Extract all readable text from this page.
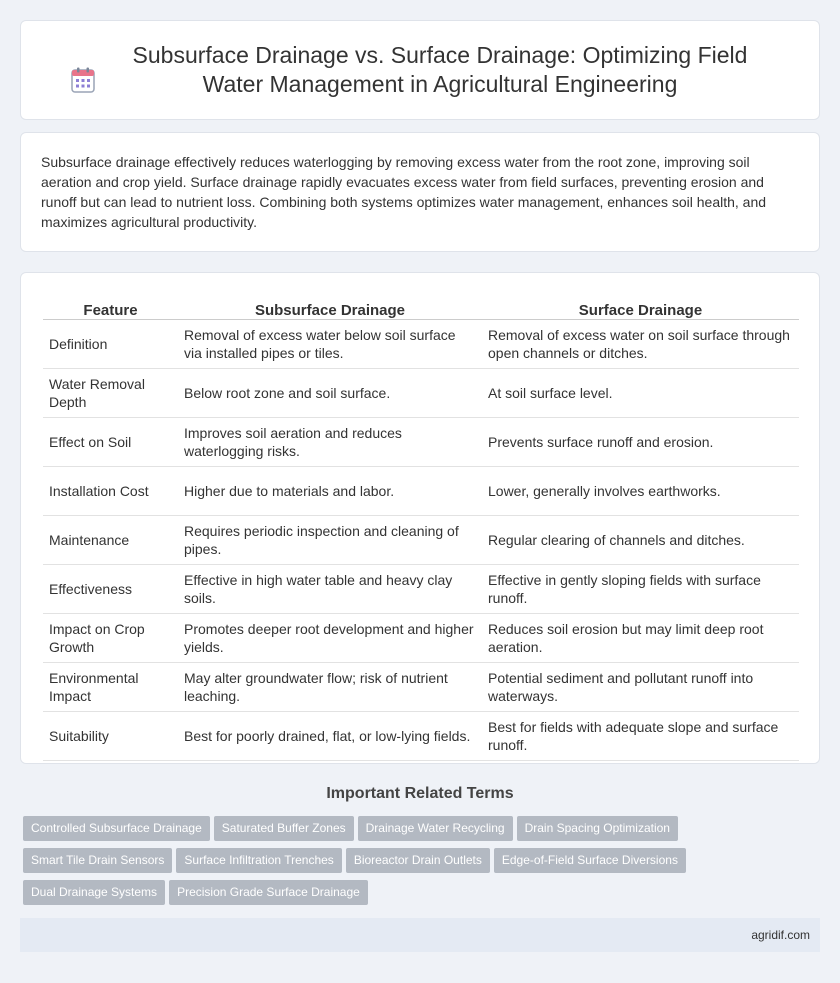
Subsurface Drainage vs. Surface Drainage: Optimizing Field Water Management in Agricultural Engineering

Subsurface drainage effectively reduces waterlogging by removing excess water from the root zone, improving soil aeration and crop yield. Surface drainage rapidly evacuates excess water from field surfaces, preventing erosion and runoff but can lead to nutrient loss. Combining both systems optimizes water management, enhances soil health, and maximizes agricultural productivity.

Feature	Subsurface Drainage	Surface Drainage
Definition	Removal of excess water below soil surface via installed pipes or tiles.	Removal of excess water on soil surface through open channels or ditches.
Water Removal Depth	Below root zone and soil surface.	At soil surface level.
Effect on Soil	Improves soil aeration and reduces waterlogging risks.	Prevents surface runoff and erosion.
Installation Cost	Higher due to materials and labor.	Lower, generally involves earthworks.
Maintenance	Requires periodic inspection and cleaning of pipes.	Regular clearing of channels and ditches.
Effectiveness	Effective in high water table and heavy clay soils.	Effective in gently sloping fields with surface runoff.
Impact on Crop Growth	Promotes deeper root development and higher yields.	Reduces soil erosion but may limit deep root aeration.
Environmental Impact	May alter groundwater flow; risk of nutrient leaching.	Potential sediment and pollutant runoff into waterways.
Suitability	Best for poorly drained, flat, or low-lying fields.	Best for fields with adequate slope and surface runoff.
Important Related Terms
Controlled Subsurface Drainage Saturated Buffer Zones Drainage Water Recycling Drain Spacing Optimization
Smart Tile Drain Sensors Surface Infiltration Trenches Bioreactor Drain Outlets Edge-of-Field Surface Diversions
Dual Drainage Systems Precision Grade Surface Drainage
agridif.com
